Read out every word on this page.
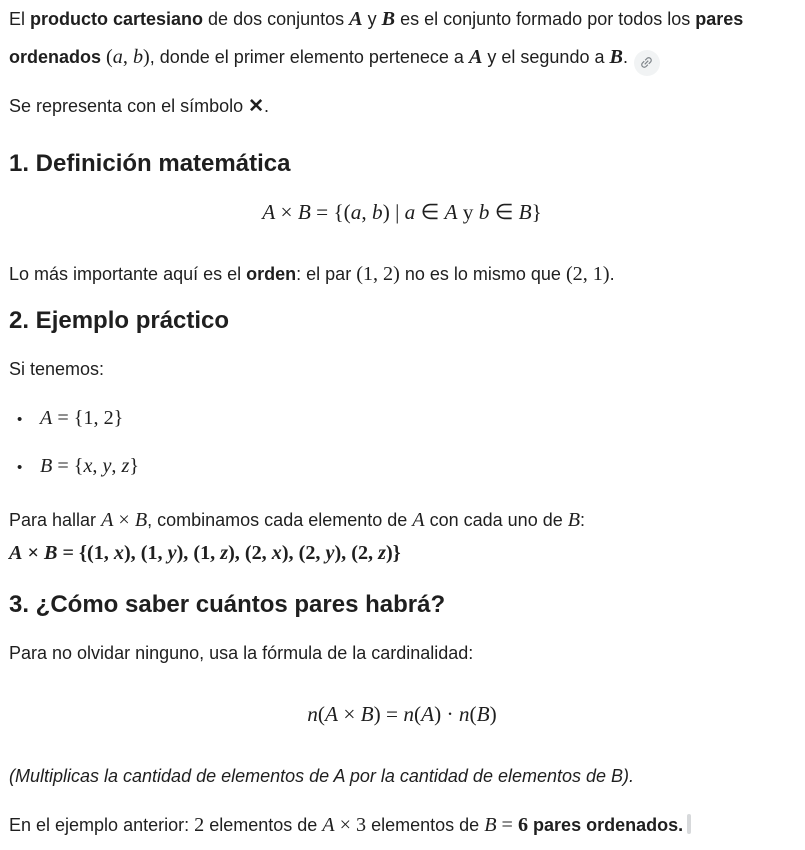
El producto cartesiano de dos conjuntos A y B es el conjunto formado por todos los pares ordenados (a, b), donde el primer elemento pertenece a A y el segundo a B.

Se representa con el símbolo ✕.

1. Definición matemática
A × B = {(a, b) | a ∈ A y b ∈ B}

Lo más importante aquí es el orden: el par (1, 2) no es lo mismo que (2, 1).

2. Ejemplo práctico

Si tenemos:

• A = {1, 2}
• B = {x, y, z}

Para hallar A × B, combinamos cada elemento de A con cada uno de B:

A × B = {(1, x), (1, y), (1, z), (2, x), (2, y), (2, z)}

3. ¿Cómo saber cuántos pares habrá?

Para no olvidar ninguno, usa la fórmula de la cardinalidad:

n(A × B) = n(A) · n(B)

(Multiplicas la cantidad de elementos de A por la cantidad de elementos de B).

En el ejemplo anterior: 2 elementos de A × 3 elementos de B = 6 pares ordenados.
